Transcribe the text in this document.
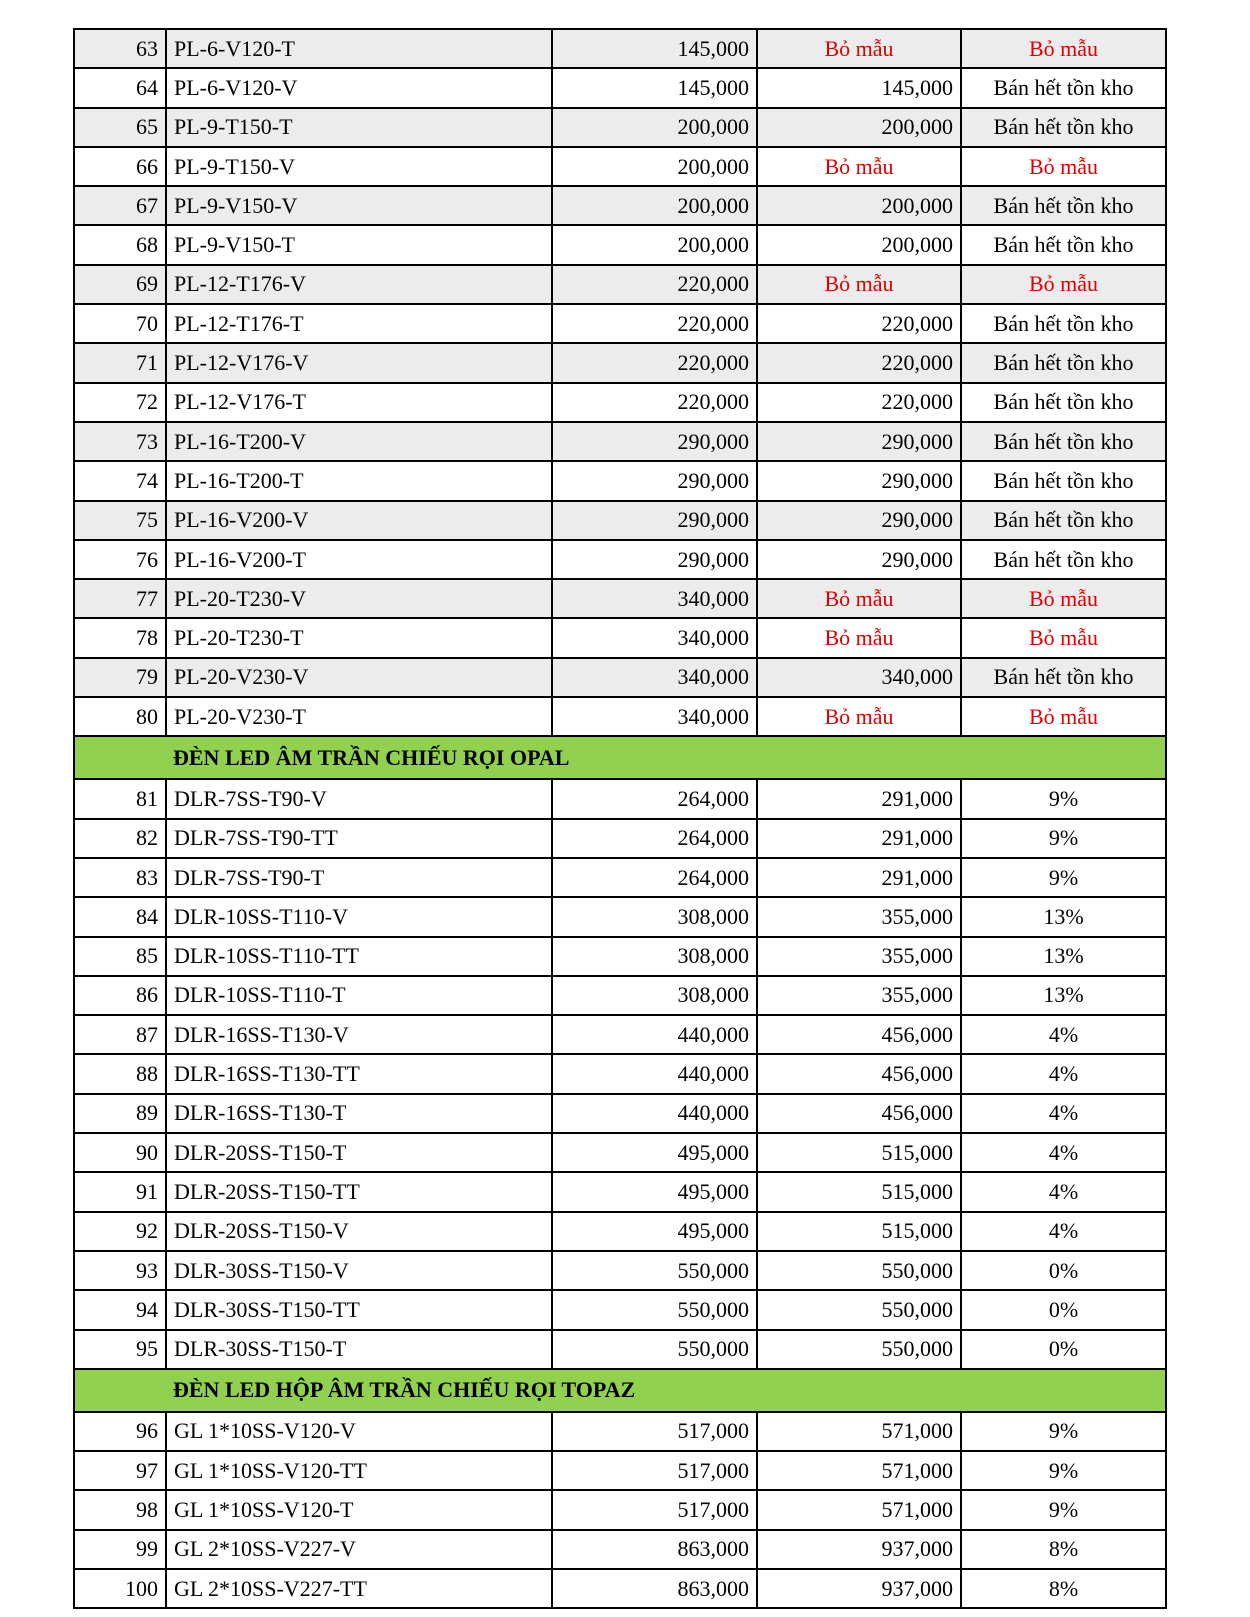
63	PL-6-V120-T	145,000	Bỏ mẫu	Bỏ mẫu
64	PL-6-V120-V	145,000	145,000	Bán hết tồn kho
65	PL-9-T150-T	200,000	200,000	Bán hết tồn kho
66	PL-9-T150-V	200,000	Bỏ mẫu	Bỏ mẫu
67	PL-9-V150-V	200,000	200,000	Bán hết tồn kho
68	PL-9-V150-T	200,000	200,000	Bán hết tồn kho
69	PL-12-T176-V	220,000	Bỏ mẫu	Bỏ mẫu
70	PL-12-T176-T	220,000	220,000	Bán hết tồn kho
71	PL-12-V176-V	220,000	220,000	Bán hết tồn kho
72	PL-12-V176-T	220,000	220,000	Bán hết tồn kho
73	PL-16-T200-V	290,000	290,000	Bán hết tồn kho
74	PL-16-T200-T	290,000	290,000	Bán hết tồn kho
75	PL-16-V200-V	290,000	290,000	Bán hết tồn kho
76	PL-16-V200-T	290,000	290,000	Bán hết tồn kho
77	PL-20-T230-V	340,000	Bỏ mẫu	Bỏ mẫu
78	PL-20-T230-T	340,000	Bỏ mẫu	Bỏ mẫu
79	PL-20-V230-V	340,000	340,000	Bán hết tồn kho
80	PL-20-V230-T	340,000	Bỏ mẫu	Bỏ mẫu
	ĐÈN LED ÂM TRẦN CHIẾU RỌI OPAL			
81	DLR-7SS-T90-V	264,000	291,000	9%
82	DLR-7SS-T90-TT	264,000	291,000	9%
83	DLR-7SS-T90-T	264,000	291,000	9%
84	DLR-10SS-T110-V	308,000	355,000	13%
85	DLR-10SS-T110-TT	308,000	355,000	13%
86	DLR-10SS-T110-T	308,000	355,000	13%
87	DLR-16SS-T130-V	440,000	456,000	4%
88	DLR-16SS-T130-TT	440,000	456,000	4%
89	DLR-16SS-T130-T	440,000	456,000	4%
90	DLR-20SS-T150-T	495,000	515,000	4%
91	DLR-20SS-T150-TT	495,000	515,000	4%
92	DLR-20SS-T150-V	495,000	515,000	4%
93	DLR-30SS-T150-V	550,000	550,000	0%
94	DLR-30SS-T150-TT	550,000	550,000	0%
95	DLR-30SS-T150-T	550,000	550,000	0%
	ĐÈN LED HỘP ÂM TRẦN CHIẾU RỌI TOPAZ			
96	GL 1*10SS-V120-V	517,000	571,000	9%
97	GL 1*10SS-V120-TT	517,000	571,000	9%
98	GL 1*10SS-V120-T	517,000	571,000	9%
99	GL 2*10SS-V227-V	863,000	937,000	8%
100	GL 2*10SS-V227-TT	863,000	937,000	8%
